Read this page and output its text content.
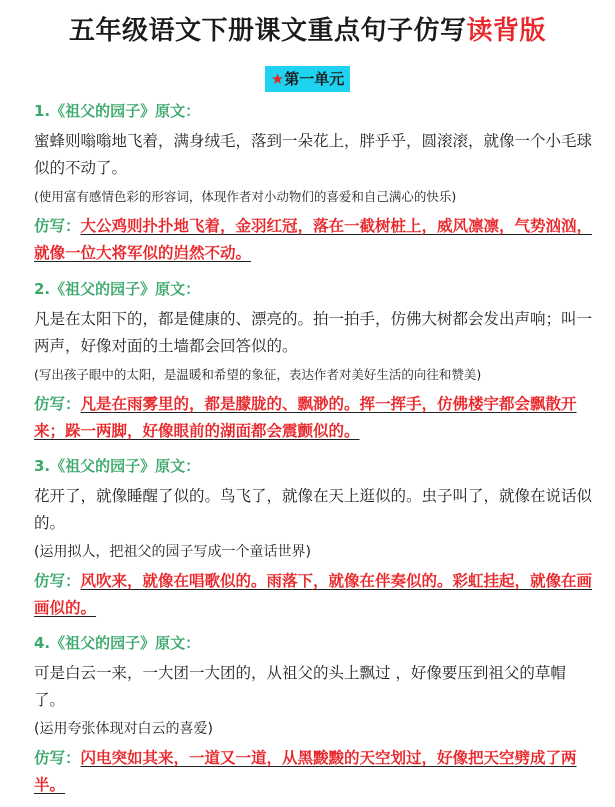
五年级语文下册课文重点句子仿写读背版
★第一单元
1.《祖父的园子》原文：
蜜蜂则嗡嗡地飞着，满身绒毛，落到一朵花上，胖乎乎，圆滚滚，就像一个小毛球似的不动了。
(使用富有感情色彩的形容词，体现作者对小动物们的喜爱和自己满心的快乐)
仿写：大公鸡则扑扑地飞着，金羽红冠，落在一截树桩上，威风凛凛，气势汹汹，就像一位大将军似的岿然不动。
2.《祖父的园子》原文：
凡是在太阳下的，都是健康的、漂亮的。拍一拍手，仿佛大树都会发出声响；叫一两声，好像对面的土墙都会回答似的。
(写出孩子眼中的太阳，是温暖和希望的象征，表达作者对美好生活的向往和赞美)
仿写：凡是在雨雾里的，都是朦胧的、飘渺的。挥一挥手，仿佛楼宇都会飘散开来；跺一两脚，好像眼前的湖面都会震颤似的。
3.《祖父的园子》原文：
花开了，就像睡醒了似的。鸟飞了，就像在天上逛似的。虫子叫了，就像在说话似的。
(运用拟人，把祖父的园子写成一个童话世界)
仿写：风吹来，就像在唱歌似的。雨落下，就像在伴奏似的。彩虹挂起，就像在画画似的。
4.《祖父的园子》原文：
可是白云一来，一大团一大团的，从祖父的头上飘过 ，好像要压到祖父的草帽了。
(运用夸张体现对白云的喜爱)
仿写：闪电突如其来，一道又一道，从黑黢黢的天空划过，好像把天空劈成了两半。
